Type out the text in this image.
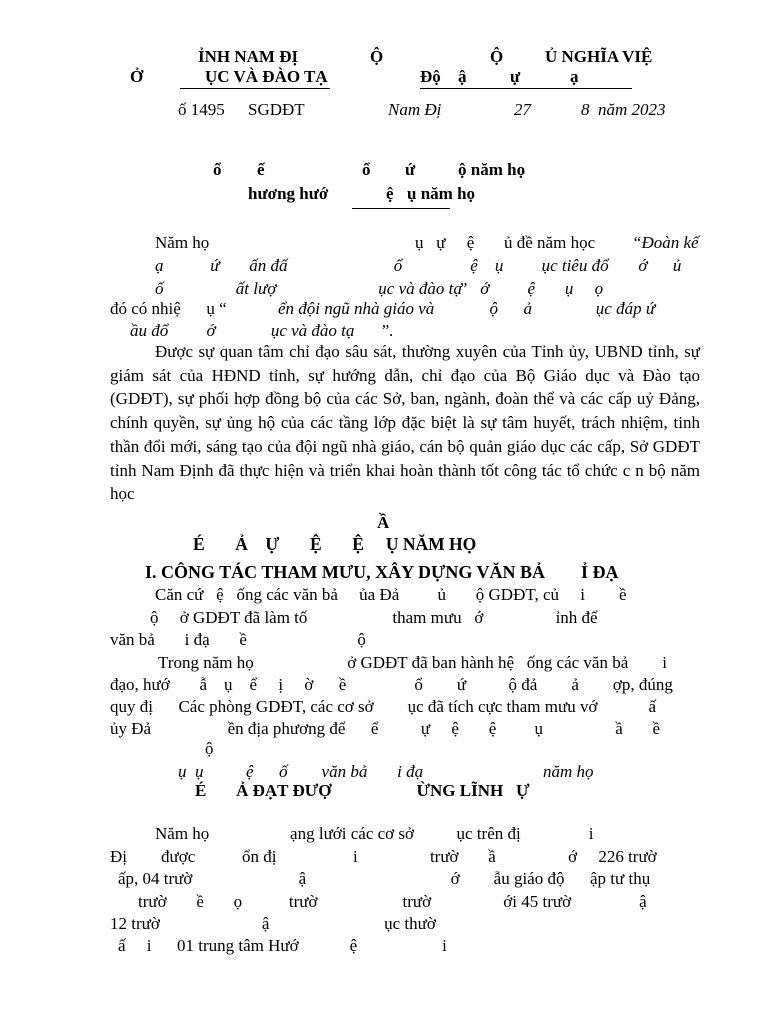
ỈNH NAM ĐỊ
Ở	ỤC VÀ ĐÀO TẠ
Ộ	Ộ Ủ NGHĨA VIỆ
Độ ậ	ự	ạ
ố 1495 SGDĐT	Nam Đị	27	8 năm 2023
ổ ế	ổ ứ	ộ năm họ
hương hướ	ệ ụ năm họ
Năm họ	ụ   ự     ệ       ủ đề năm học “Đoàn kế
ạ           ứ       ấn đấ                         ổ                ệ    ụ         ục tiêu đổ       ớ      ủ
ố                 ất lượ                        ục và đào tạ
”   ớ         ệ       ụ     ọ
đó có nhiệ      ụ “	ển đội ngũ nhà giáo và             ộ      ả               ục đáp ứ
ầu đổ         ớ             ục và đào tạ      ”.
Được sự quan tâm chỉ đạo sâu sát, thường xuyên của Tỉnh ủy, UBND tỉnh, sự giám sát của HĐND tỉnh, sự hướng dẫn, chỉ đạo của Bộ Giáo dục và Đào tạo (GDĐT), sự phối hợp đồng bộ của các Sở, ban, ngành, đoàn thể và các cấp uỷ Đảng, chính quyền, sự ủng hộ của các tầng lớp đặc biệt là sự tâm huyết, trách nhiệm, tinh thần đổi mới, sáng tạo của đội ngũ nhà giáo, cán bộ quản giáo dục các cấp, Sở GDĐT tỉnh Nam Định đã thực hiện và triển khai hoàn thành tốt công tác tổ chức c n bộ năm học
Ầ
É       Ả    Ự       Ệ       Ệ     Ụ NĂM HỌ
I. CÔNG TÁC THAM MƯU, XÂY DỰNG VĂN BẢ        Ỉ ĐẠ
Căn cứ   ệ   ống các văn bả     ủa Đả         ủ       ộ GDĐT, củ     i        ề
ộ     ở GDĐT đã làm tố                    tham mưu   ớ                 ỉnh để
văn bả       i đạ       ề                          ộ
Trong năm họ                      ở GDĐT đã ban hành hệ   ống các văn bả        i
đạo, hướ       ẫ    ụ    ể     ị     ờ      ề                ổ        ứ          ộ đả        ả        ợp, đúng
quy đị      Các phòng GDĐT, các cơ sở        ục đã tích cực tham mưu vớ            ấ
ủy Đả                  ền địa phương để      ể          ự     ệ       ệ         ụ                 ầ       ề
ộ
ụ  ụ          ệ      ố        văn bả       i đạ	năm họ
É       Ả ĐẠT ĐƯỢ                    ỪNG LĨNH   Ự
Năm họ                   ạng lưới các cơ sở          ục trên đị                i
Đị        được           ổn đị                  i                 trườ       ầ                 ớ     226 trườ
ấp, 04 trườ                         ậ                                  ớ        ẫu giáo độ      ập tư thụ
trườ       ề       ọ           trườ                    trườ                 ới 45 trườ                ậ
12 trườ                        ậ                           ục thườ
ấ     i      01 trung tâm Hướ            ệ                    i
